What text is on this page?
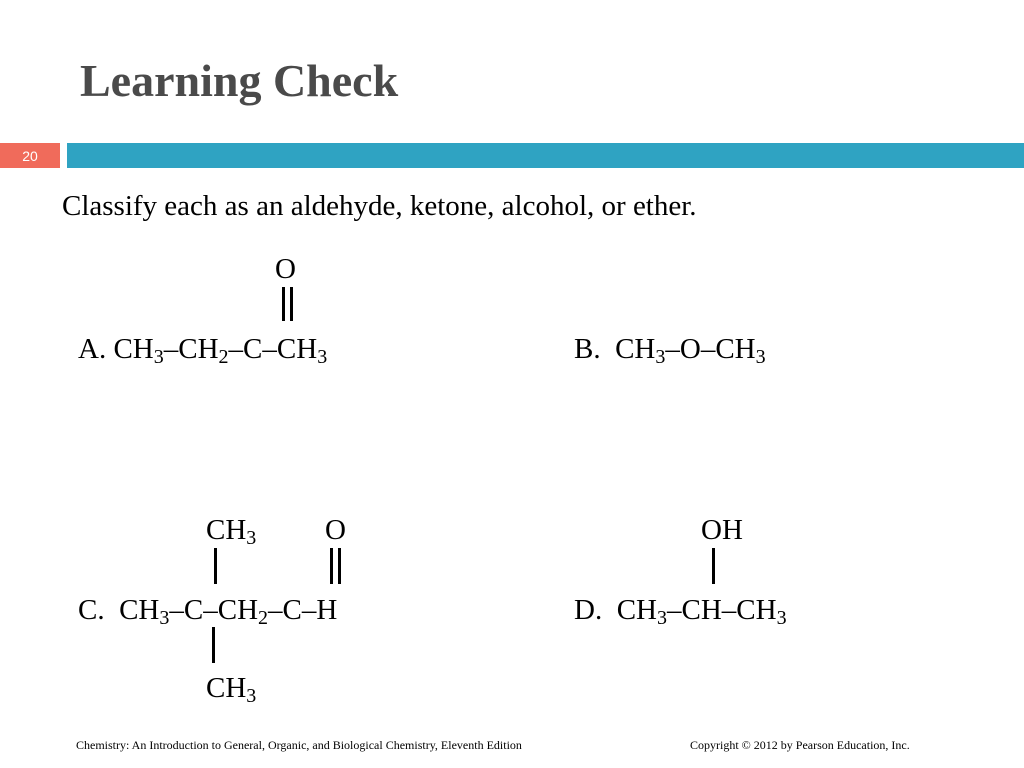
Learning Check
20
Classify each as an aldehyde, ketone, alcohol, or ether.
O
A. $CH_3-CH_2-C-CH_3$	B. $CH_3-O-CH_3$
$CH_3$ O
C. $CH_3-C-CH_2-C-H$
$CH_3$
OH
D. $CH_3-CH-CH_3$
Chemistry: An Introduction to General, Organic, and Biological Chemistry, Eleventh Edition	Copyright © 2012 by Pearson Education, Inc.
